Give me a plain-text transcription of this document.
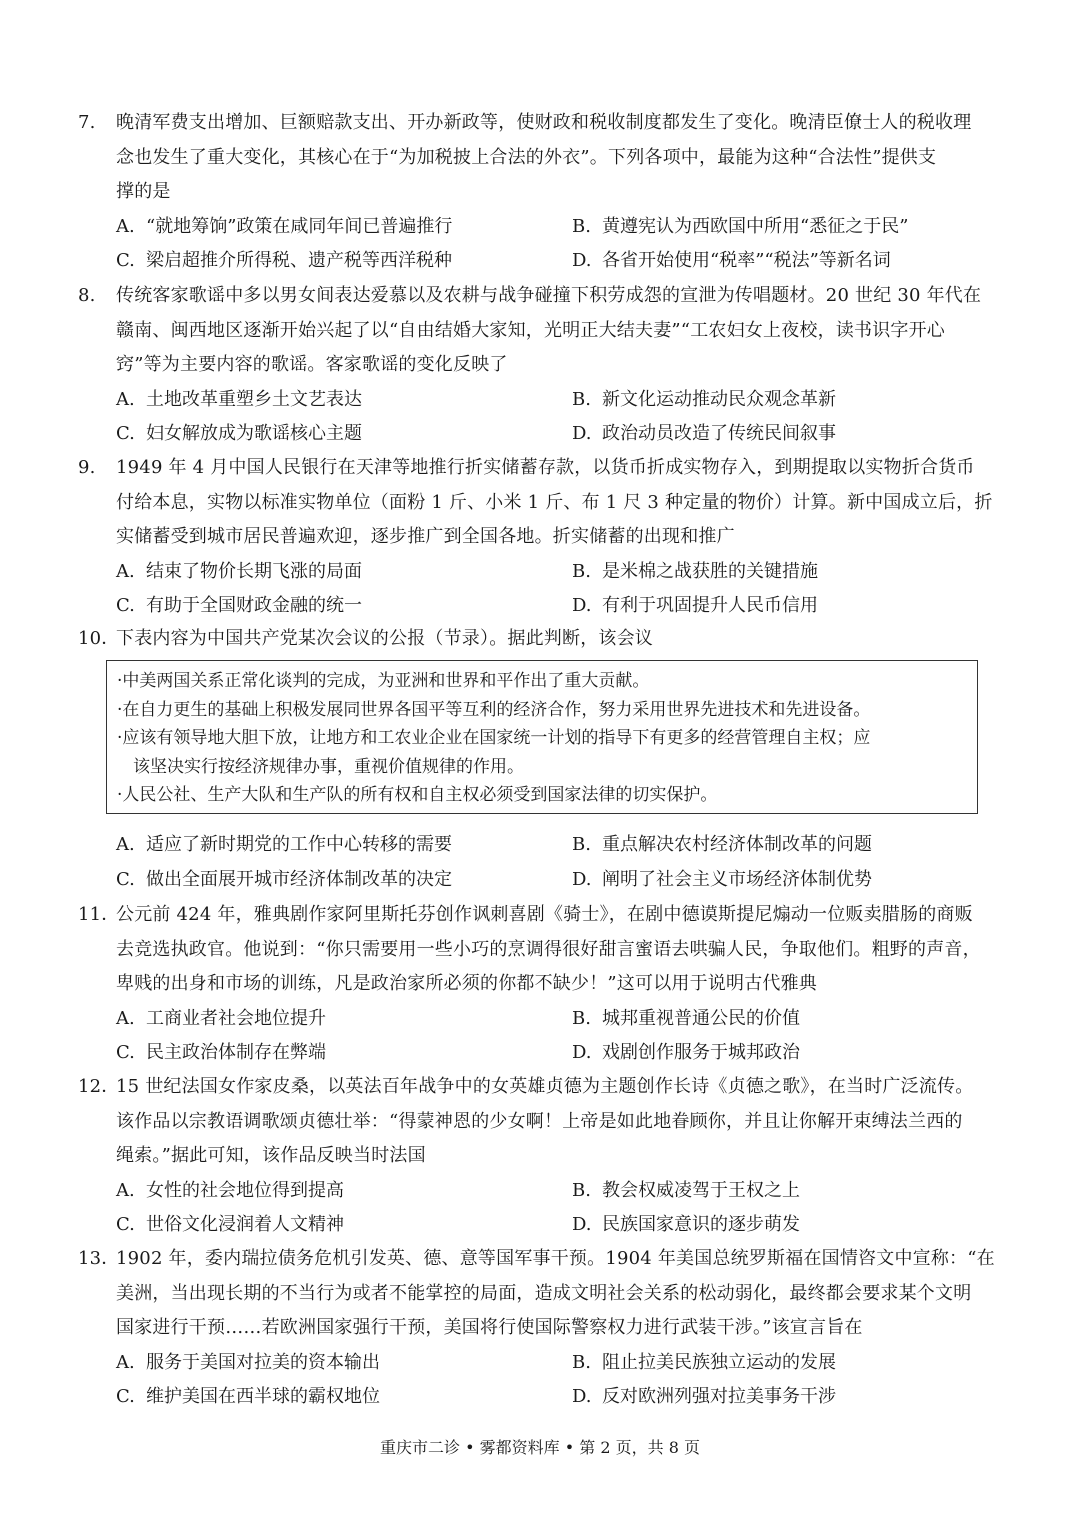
7. 晚清军费支出增加、巨额赔款支出、开办新政等，使财政和税收制度都发生了变化。晚清臣僚士人的税收理
念也发生了重大变化，其核心在于“为加税披上合法的外衣”。下列各项中，最能为这种“合法性”提供支
撑的是
A. “就地筹饷”政策在咸同年间已普遍推行	B. 黄遵宪认为西欧国中所用“悉征之于民”
C. 梁启超推介所得税、遗产税等西洋税种	D. 各省开始使用“税率”“税法”等新名词
8. 传统客家歌谣中多以男女间表达爱慕以及农耕与战争碰撞下积劳成怨的宣泄为传唱题材。20 世纪 30 年代在
赣南、闽西地区逐渐开始兴起了以“自由结婚大家知，光明正大结夫妻”“工农妇女上夜校，读书识字开心
窍”等为主要内容的歌谣。客家歌谣的变化反映了
A. 土地改革重塑乡土文艺表达	B. 新文化运动推动民众观念革新
C. 妇女解放成为歌谣核心主题	D. 政治动员改造了传统民间叙事
9. 1949 年 4 月中国人民银行在天津等地推行折实储蓄存款，以货币折成实物存入，到期提取以实物折合货币
付给本息，实物以标准实物单位（面粉 1 斤、小米 1 斤、布 1 尺 3 种定量的物价）计算。新中国成立后，折
实储蓄受到城市居民普遍欢迎，逐步推广到全国各地。折实储蓄的出现和推广
A. 结束了物价长期飞涨的局面	B. 是米棉之战获胜的关键措施
C. 有助于全国财政金融的统一	D. 有利于巩固提升人民币信用
10．下表内容为中国共产党某次会议的公报（节录）。据此判断，该会议
·中美两国关系正常化谈判的完成，为亚洲和世界和平作出了重大贡献。
·在自力更生的基础上积极发展同世界各国平等互利的经济合作，努力采用世界先进技术和先进设备。
·应该有领导地大胆下放，让地方和工农业企业在国家统一计划的指导下有更多的经营管理自主权；应
该坚决实行按经济规律办事，重视价值规律的作用。
·人民公社、生产大队和生产队的所有权和自主权必须受到国家法律的切实保护。
A. 适应了新时期党的工作中心转移的需要	B. 重点解决农村经济体制改革的问题
C. 做出全面展开城市经济体制改革的决定	D. 阐明了社会主义市场经济体制优势
11．公元前 424 年，雅典剧作家阿里斯托芬创作讽刺喜剧《骑士》，在剧中德谟斯提尼煽动一位贩卖腊肠的商贩
去竞选执政官。他说到：“你只需要用一些小巧的烹调得很好甜言蜜语去哄骗人民，争取他们。粗野的声音，
卑贱的出身和市场的训练，凡是政治家所必须的你都不缺少！”这可以用于说明古代雅典
A. 工商业者社会地位提升	B. 城邦重视普通公民的价值
C. 民主政治体制存在弊端	D. 戏剧创作服务于城邦政治
12．15 世纪法国女作家皮桑，以英法百年战争中的女英雄贞德为主题创作长诗《贞德之歌》，在当时广泛流传。
该作品以宗教语调歌颂贞德壮举：“得蒙神恩的少女啊！上帝是如此地眷顾你，并且让你解开束缚法兰西的
绳索。”据此可知，该作品反映当时法国
A. 女性的社会地位得到提高	B. 教会权威凌驾于王权之上
C. 世俗文化浸润着人文精神	D. 民族国家意识的逐步萌发
13．1902 年，委内瑞拉债务危机引发英、德、意等国军事干预。1904 年美国总统罗斯福在国情咨文中宣称：“在
美洲，当出现长期的不当行为或者不能掌控的局面，造成文明社会关系的松动弱化，最终都会要求某个文明
国家进行干预……若欧洲国家强行干预，美国将行使国际警察权力进行武装干涉。”该宣言旨在
A. 服务于美国对拉美的资本输出	B. 阻止拉美民族独立运动的发展
C. 维护美国在西半球的霸权地位	D. 反对欧洲列强对拉美事务干涉
重庆市二诊 • 雾都资料库 • 第 2 页，共 8 页
